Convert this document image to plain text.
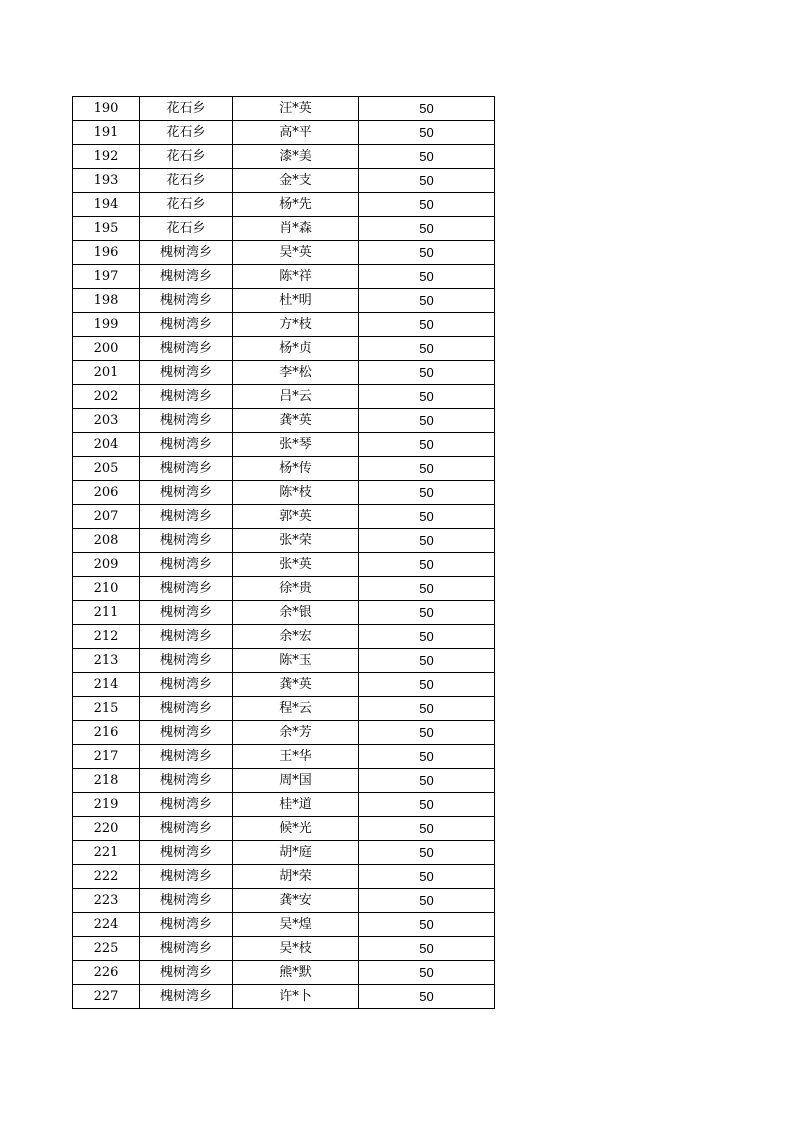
190	花石乡	汪*英	50
191	花石乡	高*平	50
192	花石乡	漆*美	50
193	花石乡	金*支	50
194	花石乡	杨*先	50
195	花石乡	肖*森	50
196	槐树湾乡	吴*英	50
197	槐树湾乡	陈*祥	50
198	槐树湾乡	杜*明	50
199	槐树湾乡	方*枝	50
200	槐树湾乡	杨*贞	50
201	槐树湾乡	李*松	50
202	槐树湾乡	吕*云	50
203	槐树湾乡	龚*英	50
204	槐树湾乡	张*琴	50
205	槐树湾乡	杨*传	50
206	槐树湾乡	陈*枝	50
207	槐树湾乡	郭*英	50
208	槐树湾乡	张*荣	50
209	槐树湾乡	张*英	50
210	槐树湾乡	徐*贵	50
211	槐树湾乡	余*银	50
212	槐树湾乡	余*宏	50
213	槐树湾乡	陈*玉	50
214	槐树湾乡	龚*英	50
215	槐树湾乡	程*云	50
216	槐树湾乡	余*芳	50
217	槐树湾乡	王*华	50
218	槐树湾乡	周*国	50
219	槐树湾乡	桂*道	50
220	槐树湾乡	候*光	50
221	槐树湾乡	胡*庭	50
222	槐树湾乡	胡*荣	50
223	槐树湾乡	龚*安	50
224	槐树湾乡	吴*煌	50
225	槐树湾乡	吴*枝	50
226	槐树湾乡	熊*默	50
227	槐树湾乡	许*卜	50
